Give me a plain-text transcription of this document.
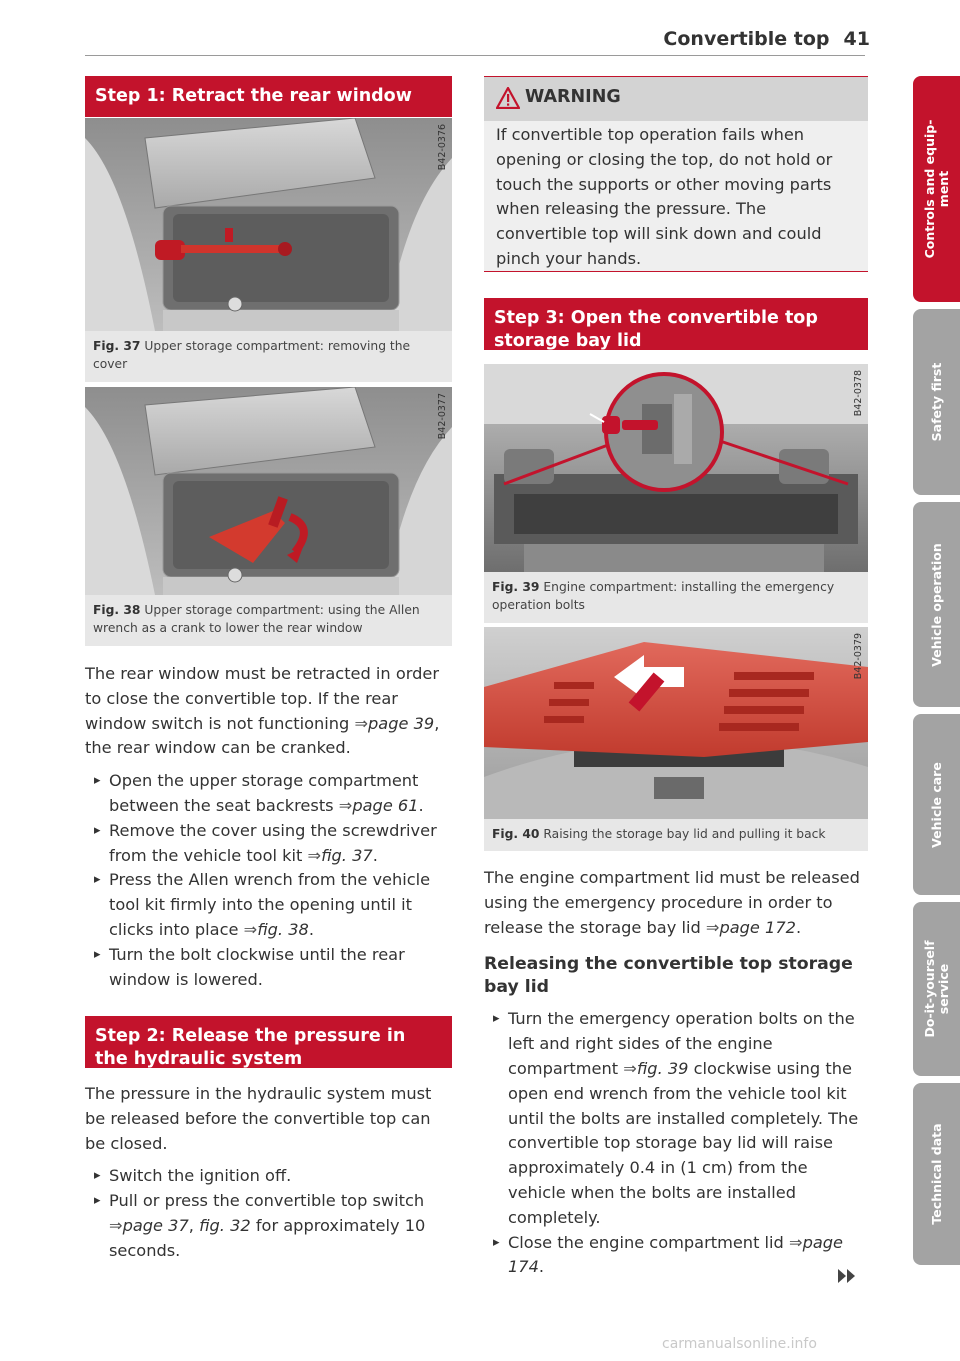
Convertible top 41
Step 1: Retract the rear window
B42-0376
Fig. 37 Upper storage compartment: removing the cover
B42-0377
Fig. 38 Upper storage compartment: using the Allen wrench as a crank to lower the rear window

The rear window must be retracted in order to close the convertible top. If the rear window switch is not functioning ⇒page 39, the rear window can be cranked.

▸ Open the upper storage compartment between the seat backrests ⇒page 61.

▸ Remove the cover using the screwdriver from the vehicle tool kit ⇒fig. 37.

▸ Press the Allen wrench from the vehicle tool kit firmly into the opening until it clicks into place ⇒fig. 38.

▸ Turn the bolt clockwise until the rear window is lowered.

Step 2: Release the pressure in the hydraulic system

The pressure in the hydraulic system must be released before the convertible top can be closed.

▸ Switch the ignition off.

▸ Pull or press the convertible top switch ⇒page 37, fig. 32 for approximately 10 seconds.

WARNING
If convertible top operation fails when opening or closing the top, do not hold or touch the supports or other moving parts when releasing the pressure. The convertible top will sink down and could pinch your hands.
Step 3: Open the convertible top storage bay lid
B42-0378
Fig. 39 Engine compartment: installing the emergency operation bolts
B42-0379
Fig. 40 Raising the storage bay lid and pulling it back

The engine compartment lid must be released using the emergency procedure in order to release the storage bay lid ⇒page 172.

Releasing the convertible top storage bay lid

▸ Turn the emergency operation bolts on the left and right sides of the engine compartment ⇒fig. 39 clockwise using the open end wrench from the vehicle tool kit until the bolts are installed completely. The convertible top storage bay lid will raise approximately 0.4 in (1 cm) from the vehicle when the bolts are installed completely.

▸ Close the engine compartment lid ⇒page 174.

Controls and equip-
ment
Safety first
Vehicle operation
Vehicle care
Do-it-yourself
service
Technical data
carmanualsonline.info
